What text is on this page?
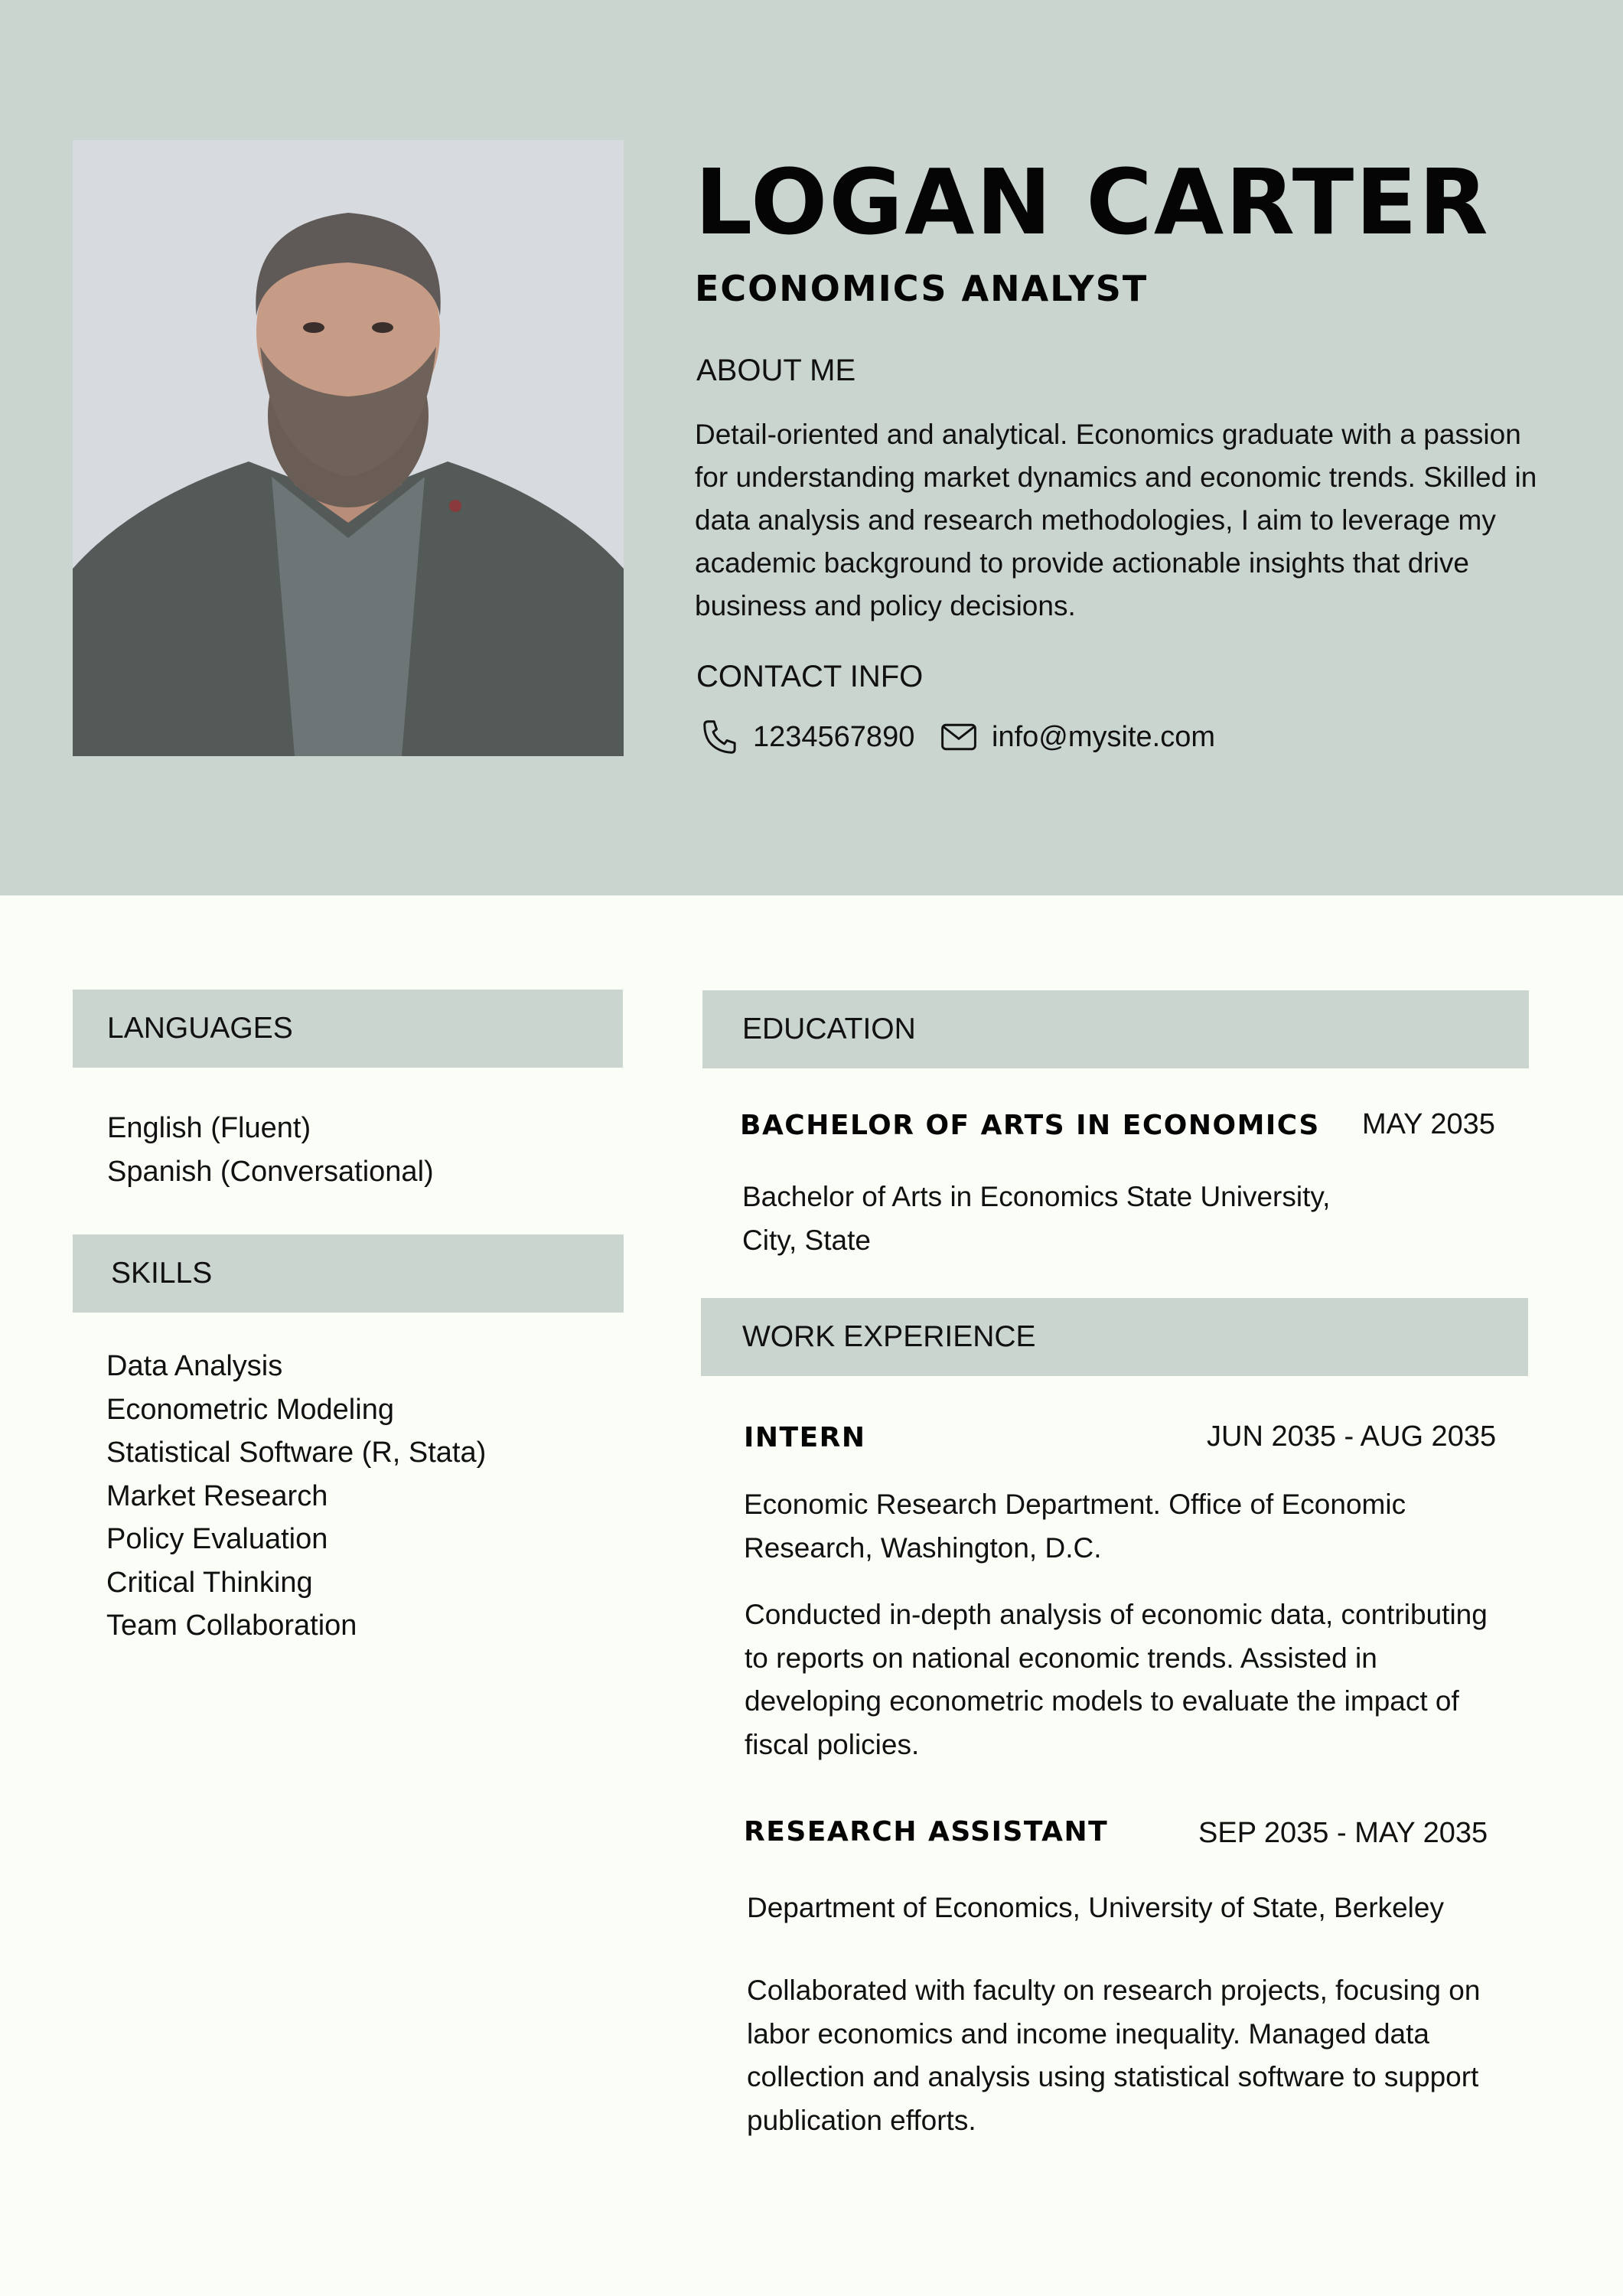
LOGAN CARTER
ECONOMICS ANALYST
ABOUT ME

Detail-oriented and analytical. Economics graduate with a passion for understanding market dynamics and economic trends. Skilled in data analysis and research methodologies, I aim to leverage my academic background to provide actionable insights that drive business and policy decisions.

CONTACT INFO
1234567890	info@mysite.com
LANGUAGES
English (Fluent)
Spanish (Conversational)
SKILLS
Data Analysis
Econometric Modeling
Statistical Software (R, Stata)
Market Research
Policy Evaluation
Critical Thinking
Team Collaboration
EDUCATION
BACHELOR OF ARTS IN ECONOMICS MAY 2035

Bachelor of Arts in Economics State University, City, State

WORK EXPERIENCE
INTERN	JUN 2035 - AUG 2035

Economic Research Department. Office of Economic Research, Washington, D.C.

Conducted in-depth analysis of economic data, contributing to reports on national economic trends. Assisted in developing econometric models to evaluate the impact of fiscal policies.

RESEARCH ASSISTANT	SEP 2035 - MAY 2035

Department of Economics, University of State, Berkeley

Collaborated with faculty on research projects, focusing on labor economics and income inequality. Managed data collection and analysis using statistical software to support publication efforts.
